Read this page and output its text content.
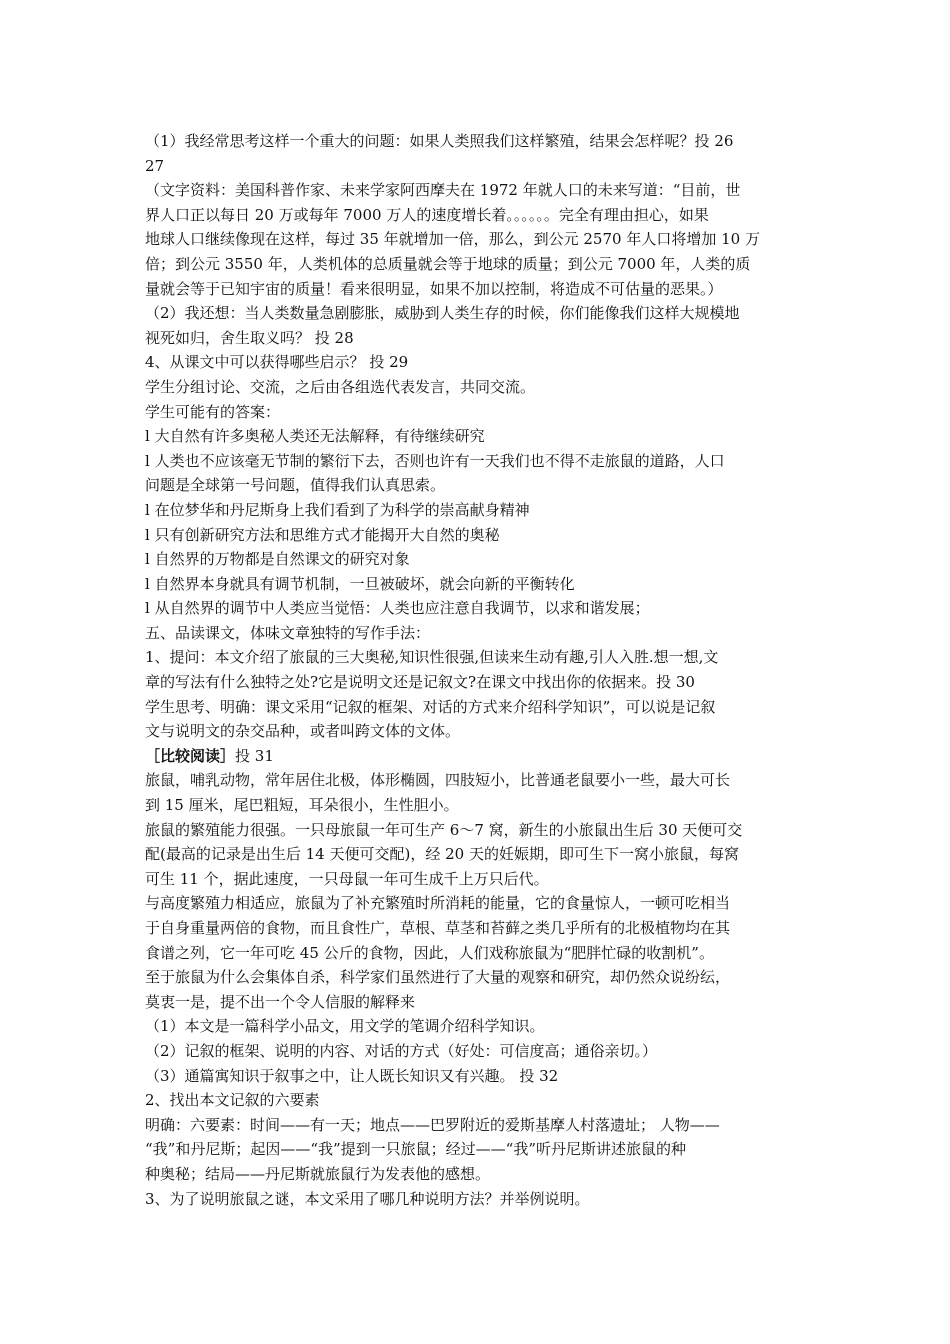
（1）我经常思考这样一个重大的问题：如果人类照我们这样繁殖，结果会怎样呢？投 26
27
（文字资料：美国科普作家、未来学家阿西摩夫在 1972 年就人口的未来写道：“目前，世
界人口正以每日 20 万或每年 7000 万人的速度增长着。。。。。。完全有理由担心，如果
地球人口继续像现在这样，每过 35 年就增加一倍，那么，到公元 2570 年人口将增加 10 万
倍；到公元 3550 年，人类机体的总质量就会等于地球的质量；到公元 7000 年，人类的质
量就会等于已知宇宙的质量！看来很明显，如果不加以控制，将造成不可估量的恶果。）
（2）我还想：当人类数量急剧膨胀，威胁到人类生存的时候，你们能像我们这样大规模地
视死如归，舍生取义吗？ 投 28
4、从课文中可以获得哪些启示？ 投 29
学生分组讨论、交流，之后由各组选代表发言，共同交流。
学生可能有的答案：
l 大自然有许多奥秘人类还无法解释，有待继续研究
l 人类也不应该毫无节制的繁衍下去，否则也许有一天我们也不得不走旅鼠的道路，人口
问题是全球第一号问题，值得我们认真思索。
l 在位梦华和丹尼斯身上我们看到了为科学的崇高献身精神
l 只有创新研究方法和思维方式才能揭开大自然的奥秘
l 自然界的万物都是自然课文的研究对象
l 自然界本身就具有调节机制，一旦被破坏，就会向新的平衡转化
l 从自然界的调节中人类应当觉悟：人类也应注意自我调节，以求和谐发展；
五、品读课文，体味文章独特的写作手法：
1、提问：本文介绍了旅鼠的三大奥秘,知识性很强,但读来生动有趣,引人入胜.想一想,文
章的写法有什么独特之处?它是说明文还是记叙文?在课文中找出你的依据来。投 30
学生思考、明确：课文采用“记叙的框架、对话的方式来介绍科学知识”，可以说是记叙
文与说明文的杂交品种，或者叫跨文体的文体。
［比较阅读］投 31
旅鼠，哺乳动物，常年居住北极，体形椭圆，四肢短小，比普通老鼠要小一些，最大可长
到 15 厘米，尾巴粗短，耳朵很小，生性胆小。
旅鼠的繁殖能力很强。一只母旅鼠一年可生产 6～7 窝，新生的小旅鼠出生后 30 天便可交
配(最高的记录是出生后 14 天便可交配)，经 20 天的妊娠期，即可生下一窝小旅鼠，每窝
可生 11 个，据此速度，一只母鼠一年可生成千上万只后代。
与高度繁殖力相适应，旅鼠为了补充繁殖时所消耗的能量，它的食量惊人，一顿可吃相当
于自身重量两倍的食物，而且食性广，草根、草茎和苔藓之类几乎所有的北极植物均在其
食谱之列，它一年可吃 45 公斤的食物，因此，人们戏称旅鼠为“肥胖忙碌的收割机”。
至于旅鼠为什么会集体自杀，科学家们虽然进行了大量的观察和研究，却仍然众说纷纭，
莫衷一是，提不出一个令人信服的解释来
（1）本文是一篇科学小品文，用文学的笔调介绍科学知识。
（2）记叙的框架、说明的内容、对话的方式（好处：可信度高；通俗亲切。）
（3）通篇寓知识于叙事之中，让人既长知识又有兴趣。 投 32
2、找出本文记叙的六要素
明确：六要素：时间——有一天；地点——巴罗附近的爱斯基摩人村落遗址； 人物——
“我”和丹尼斯；起因——“我”提到一只旅鼠；经过——“我”听丹尼斯讲述旅鼠的种
种奥秘；结局——丹尼斯就旅鼠行为发表他的感想。
3、为了说明旅鼠之谜，本文采用了哪几种说明方法？并举例说明。
